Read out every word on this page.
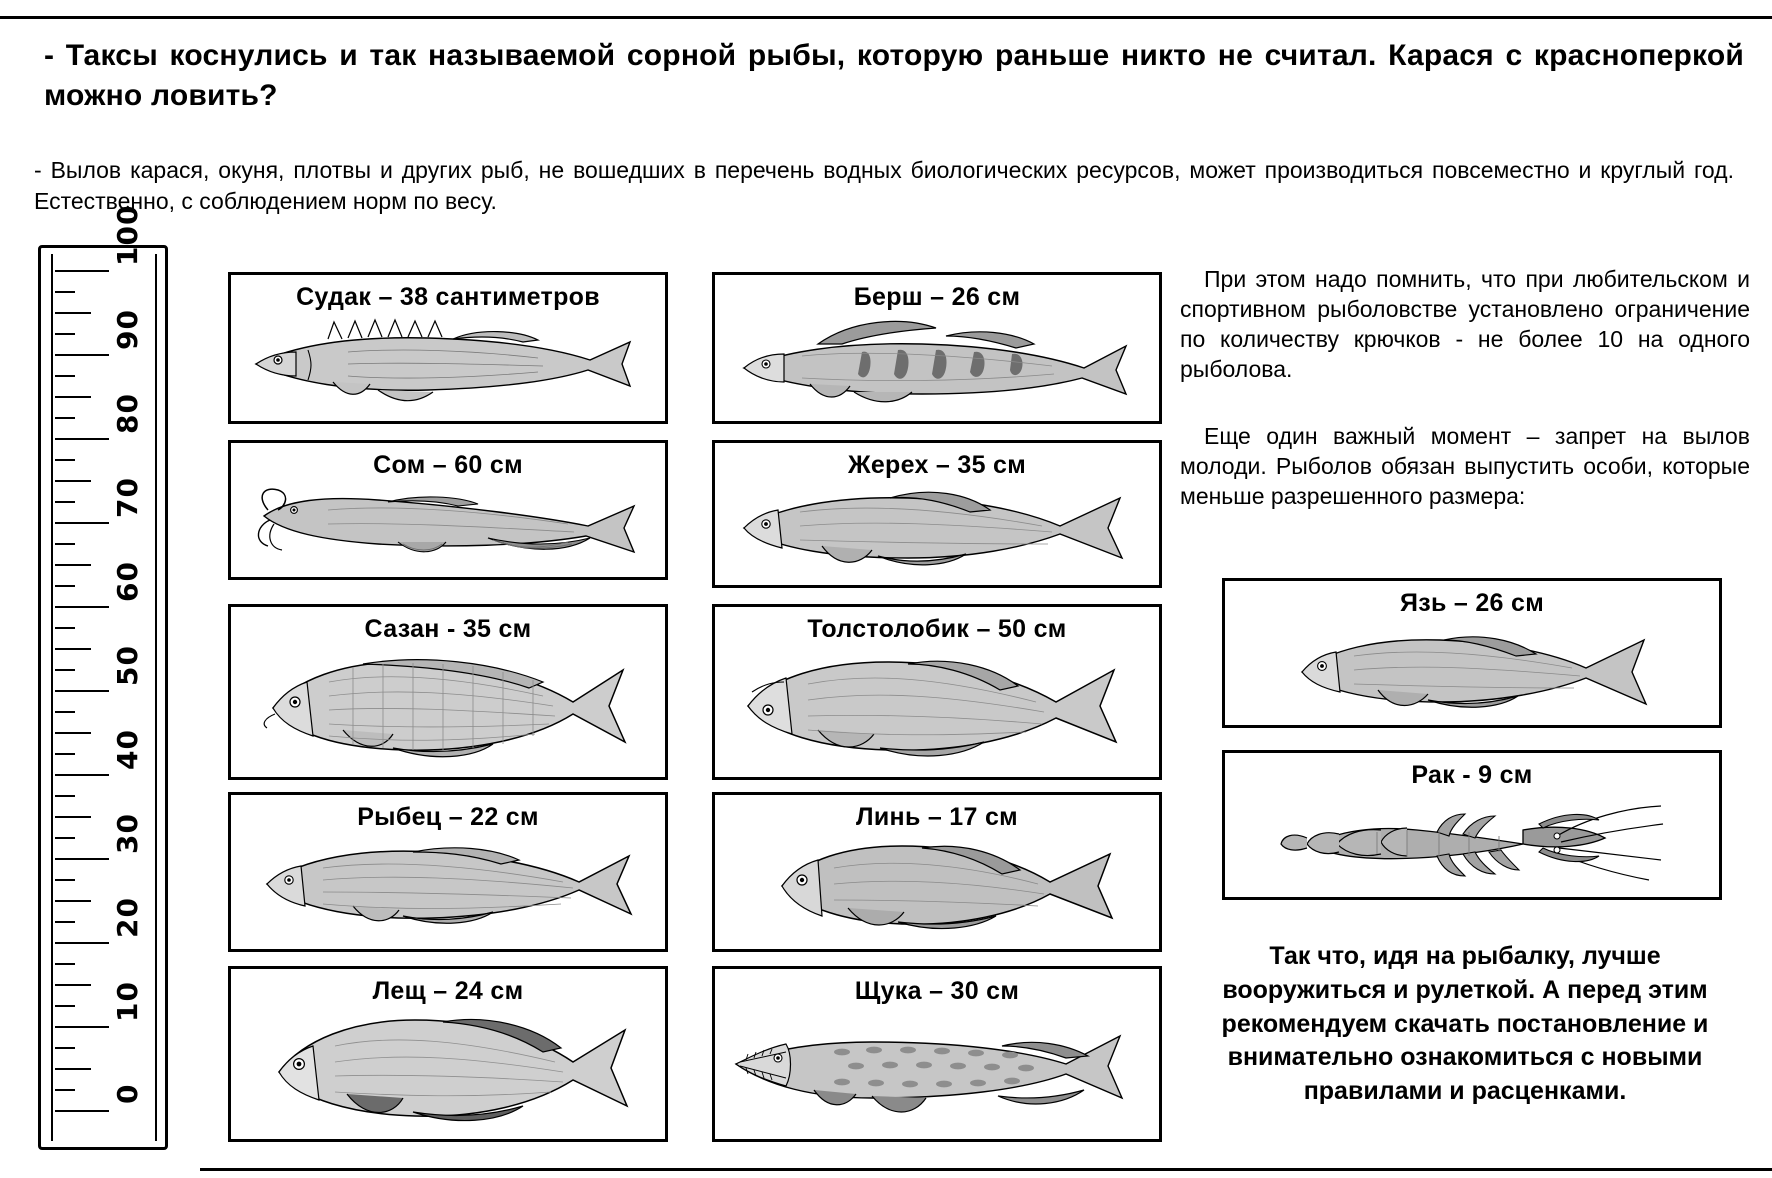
- Таксы коснулись и так называемой сорной рыбы, которую раньше никто не считал. Карася с красноперкой можно ловить?
- Вылов карася, окуня, плотвы и других рыб, не вошедших в перечень водных биологических ресурсов, может производиться повсеместно и круглый год. Естественно, с соблюдением норм по весу.
100
90
80
70
60
50
40
30
20
10
0
Судак – 38 сантиметров
Сом – 60 см
Сазан - 35 см
Рыбец – 22 см
Лещ – 24 см
Берш – 26 см
Жерех – 35 см
Толстолобик – 50 см
Линь – 17 см
Щука – 30 см
При этом надо помнить, что при любительском и спортивном рыболовстве установлено ограничение по количеству крючков - не более 10 на одного рыболова.
Еще один важный момент – запрет на вылов молоди. Рыболов обязан выпустить особи, которые меньше разрешенного размера:
Язь – 26 см
Рак - 9 см
Так что, идя на рыбалку, лучше вооружиться и рулеткой. А перед этим рекомендуем скачать постановление и внимательно ознакомиться с новыми правилами и расценками.
